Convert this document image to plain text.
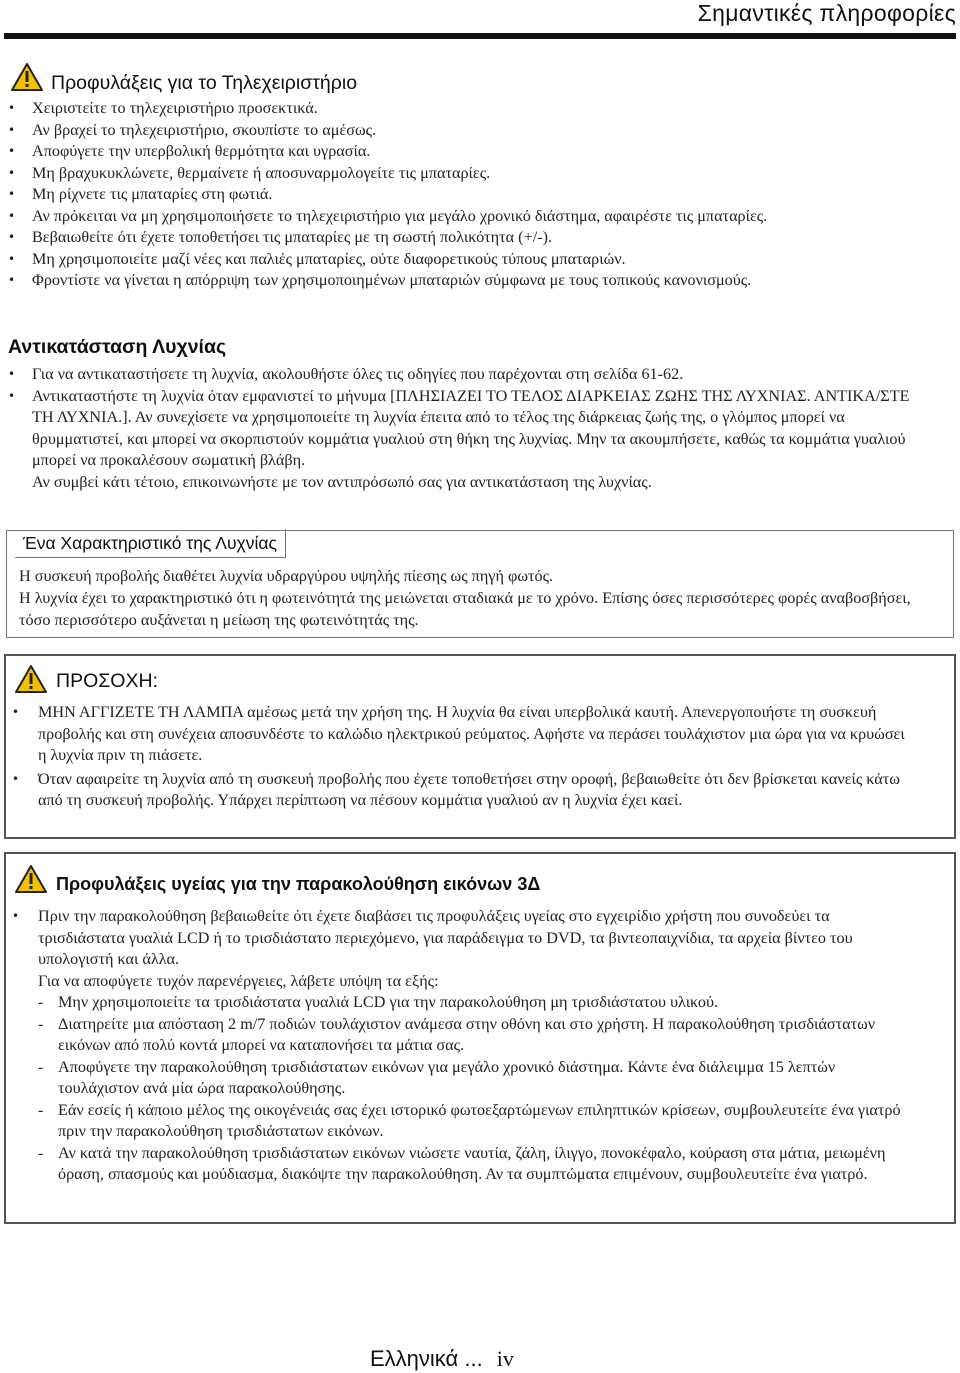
Σημαντικές πληροφορίες
Προφυλάξεις για το Τηλεχειριστήριο
• Χειριστείτε το τηλεχειριστήριο προσεκτικά.
• Αν βραχεί το τηλεχειριστήριο, σκουπίστε το αμέσως.
• Αποφύγετε την υπερβολική θερμότητα και υγρασία.
• Μη βραχυκυκλώνετε, θερμαίνετε ή αποσυναρμολογείτε τις μπαταρίες.
• Μη ρίχνετε τις μπαταρίες στη φωτιά.
• Αν πρόκειται να μη χρησιμοποιήσετε το τηλεχειριστήριο για μεγάλο χρονικό διάστημα, αφαιρέστε τις μπαταρίες.
• Βεβαιωθείτε ότι έχετε τοποθετήσει τις μπαταρίες με τη σωστή πολικότητα (+/-).
• Μη χρησιμοποιείτε μαζί νέες και παλιές μπαταρίες, ούτε διαφορετικούς τύπους μπαταριών.
• Φροντίστε να γίνεται η απόρριψη των χρησιμοποιημένων μπαταριών σύμφωνα με τους τοπικούς κανονισμούς.
Αντικατάσταση Λυχνίας
• Για να αντικαταστήσετε τη λυχνία, ακολουθήστε όλες τις οδηγίες που παρέχονται στη σελίδα 61-62.
• Αντικαταστήστε τη λυχνία όταν εμφανιστεί το μήνυμα [ΠΛΗΣΙΑΖΕΙ ΤΟ ΤΕΛΟΣ ΔΙΑΡΚΕΙΑΣ ΖΩΗΣ ΤΗΣ ΛΥΧΝΙΑΣ. ΑΝΤΙΚΑ/ΣΤΕ ΤΗ ΛΥΧΝΙΑ.]. Αν συνεχίσετε να χρησιμοποιείτε τη λυχνία έπειτα από το τέλος της διάρκειας ζωής της, ο γλόμπος μπορεί να θρυμματιστεί, και μπορεί να σκορπιστούν κομμάτια γυαλιού στη θήκη της λυχνίας. Μην τα ακουμπήσετε, καθώς τα κομμάτια γυαλιού μπορεί να προκαλέσουν σωματική βλάβη.
Αν συμβεί κάτι τέτοιο, επικοινωνήστε με τον αντιπρόσωπό σας για αντικατάσταση της λυχνίας.
Ένα Χαρακτηριστικό της Λυχνίας
Η συσκευή προβολής διαθέτει λυχνία υδραργύρου υψηλής πίεσης ως πηγή φωτός.
Η λυχνία έχει το χαρακτηριστικό ότι η φωτεινότητά της μειώνεται σταδιακά με το χρόνο. Επίσης όσες περισσότερες φορές αναβοσβήσει, τόσο περισσότερο αυξάνεται η μείωση της φωτεινότητάς της.
ΠΡΟΣΟΧΗ:
• ΜΗΝ ΑΓΓΙΖΕΤΕ ΤΗ ΛΑΜΠΑ αμέσως μετά την χρήση της. Η λυχνία θα είναι υπερβολικά καυτή. Απενεργοποιήστε τη συσκευή προβολής και στη συνέχεια αποσυνδέστε το καλώδιο ηλεκτρικού ρεύματος. Αφήστε να περάσει τουλάχιστον μια ώρα για να κρυώσει η λυχνία πριν τη πιάσετε.
• Όταν αφαιρείτε τη λυχνία από τη συσκευή προβολής που έχετε τοποθετήσει στην οροφή, βεβαιωθείτε ότι δεν βρίσκεται κανείς κάτω από τη συσκευή προβολής. Υπάρχει περίπτωση να πέσουν κομμάτια γυαλιού αν η λυχνία έχει καεί.
Προφυλάξεις υγείας για την παρακολούθηση εικόνων 3Δ
• Πριν την παρακολούθηση βεβαιωθείτε ότι έχετε διαβάσει τις προφυλάξεις υγείας στο εγχειρίδιο χρήστη που συνοδεύει τα τρισδιάστατα γυαλιά LCD ή το τρισδιάστατο περιεχόμενο, για παράδειγμα το DVD, τα βιντεοπαιχνίδια, τα αρχεία βίντεο του υπολογιστή και άλλα.
Για να αποφύγετε τυχόν παρενέργειες, λάβετε υπόψη τα εξής:
- Μην χρησιμοποιείτε τα τρισδιάστατα γυαλιά LCD για την παρακολούθηση μη τρισδιάστατου υλικού.
- Διατηρείτε μια απόσταση 2 m/7 ποδιών τουλάχιστον ανάμεσα στην οθόνη και στο χρήστη. Η παρακολούθηση τρισδιάστατων εικόνων από πολύ κοντά μπορεί να καταπονήσει τα μάτια σας.
- Αποφύγετε την παρακολούθηση τρισδιάστατων εικόνων για μεγάλο χρονικό διάστημα. Κάντε ένα διάλειμμα 15 λεπτών τουλάχιστον ανά μία ώρα παρακολούθησης.
- Εάν εσείς ή κάποιο μέλος της οικογένειάς σας έχει ιστορικό φωτοεξαρτώμενων επιληπτικών κρίσεων, συμβουλευτείτε ένα γιατρό πριν την παρακολούθηση τρισδιάστατων εικόνων.
- Αν κατά την παρακολούθηση τρισδιάστατων εικόνων νιώσετε ναυτία, ζάλη, ίλιγγο, πονοκέφαλο, κούραση στα μάτια, μειωμένη όραση, σπασμούς και μούδιασμα, διακόψτε την παρακολούθηση. Αν τα συμπτώματα επιμένουν, συμβουλευτείτε ένα γιατρό.
Ελληνικά ... iv
